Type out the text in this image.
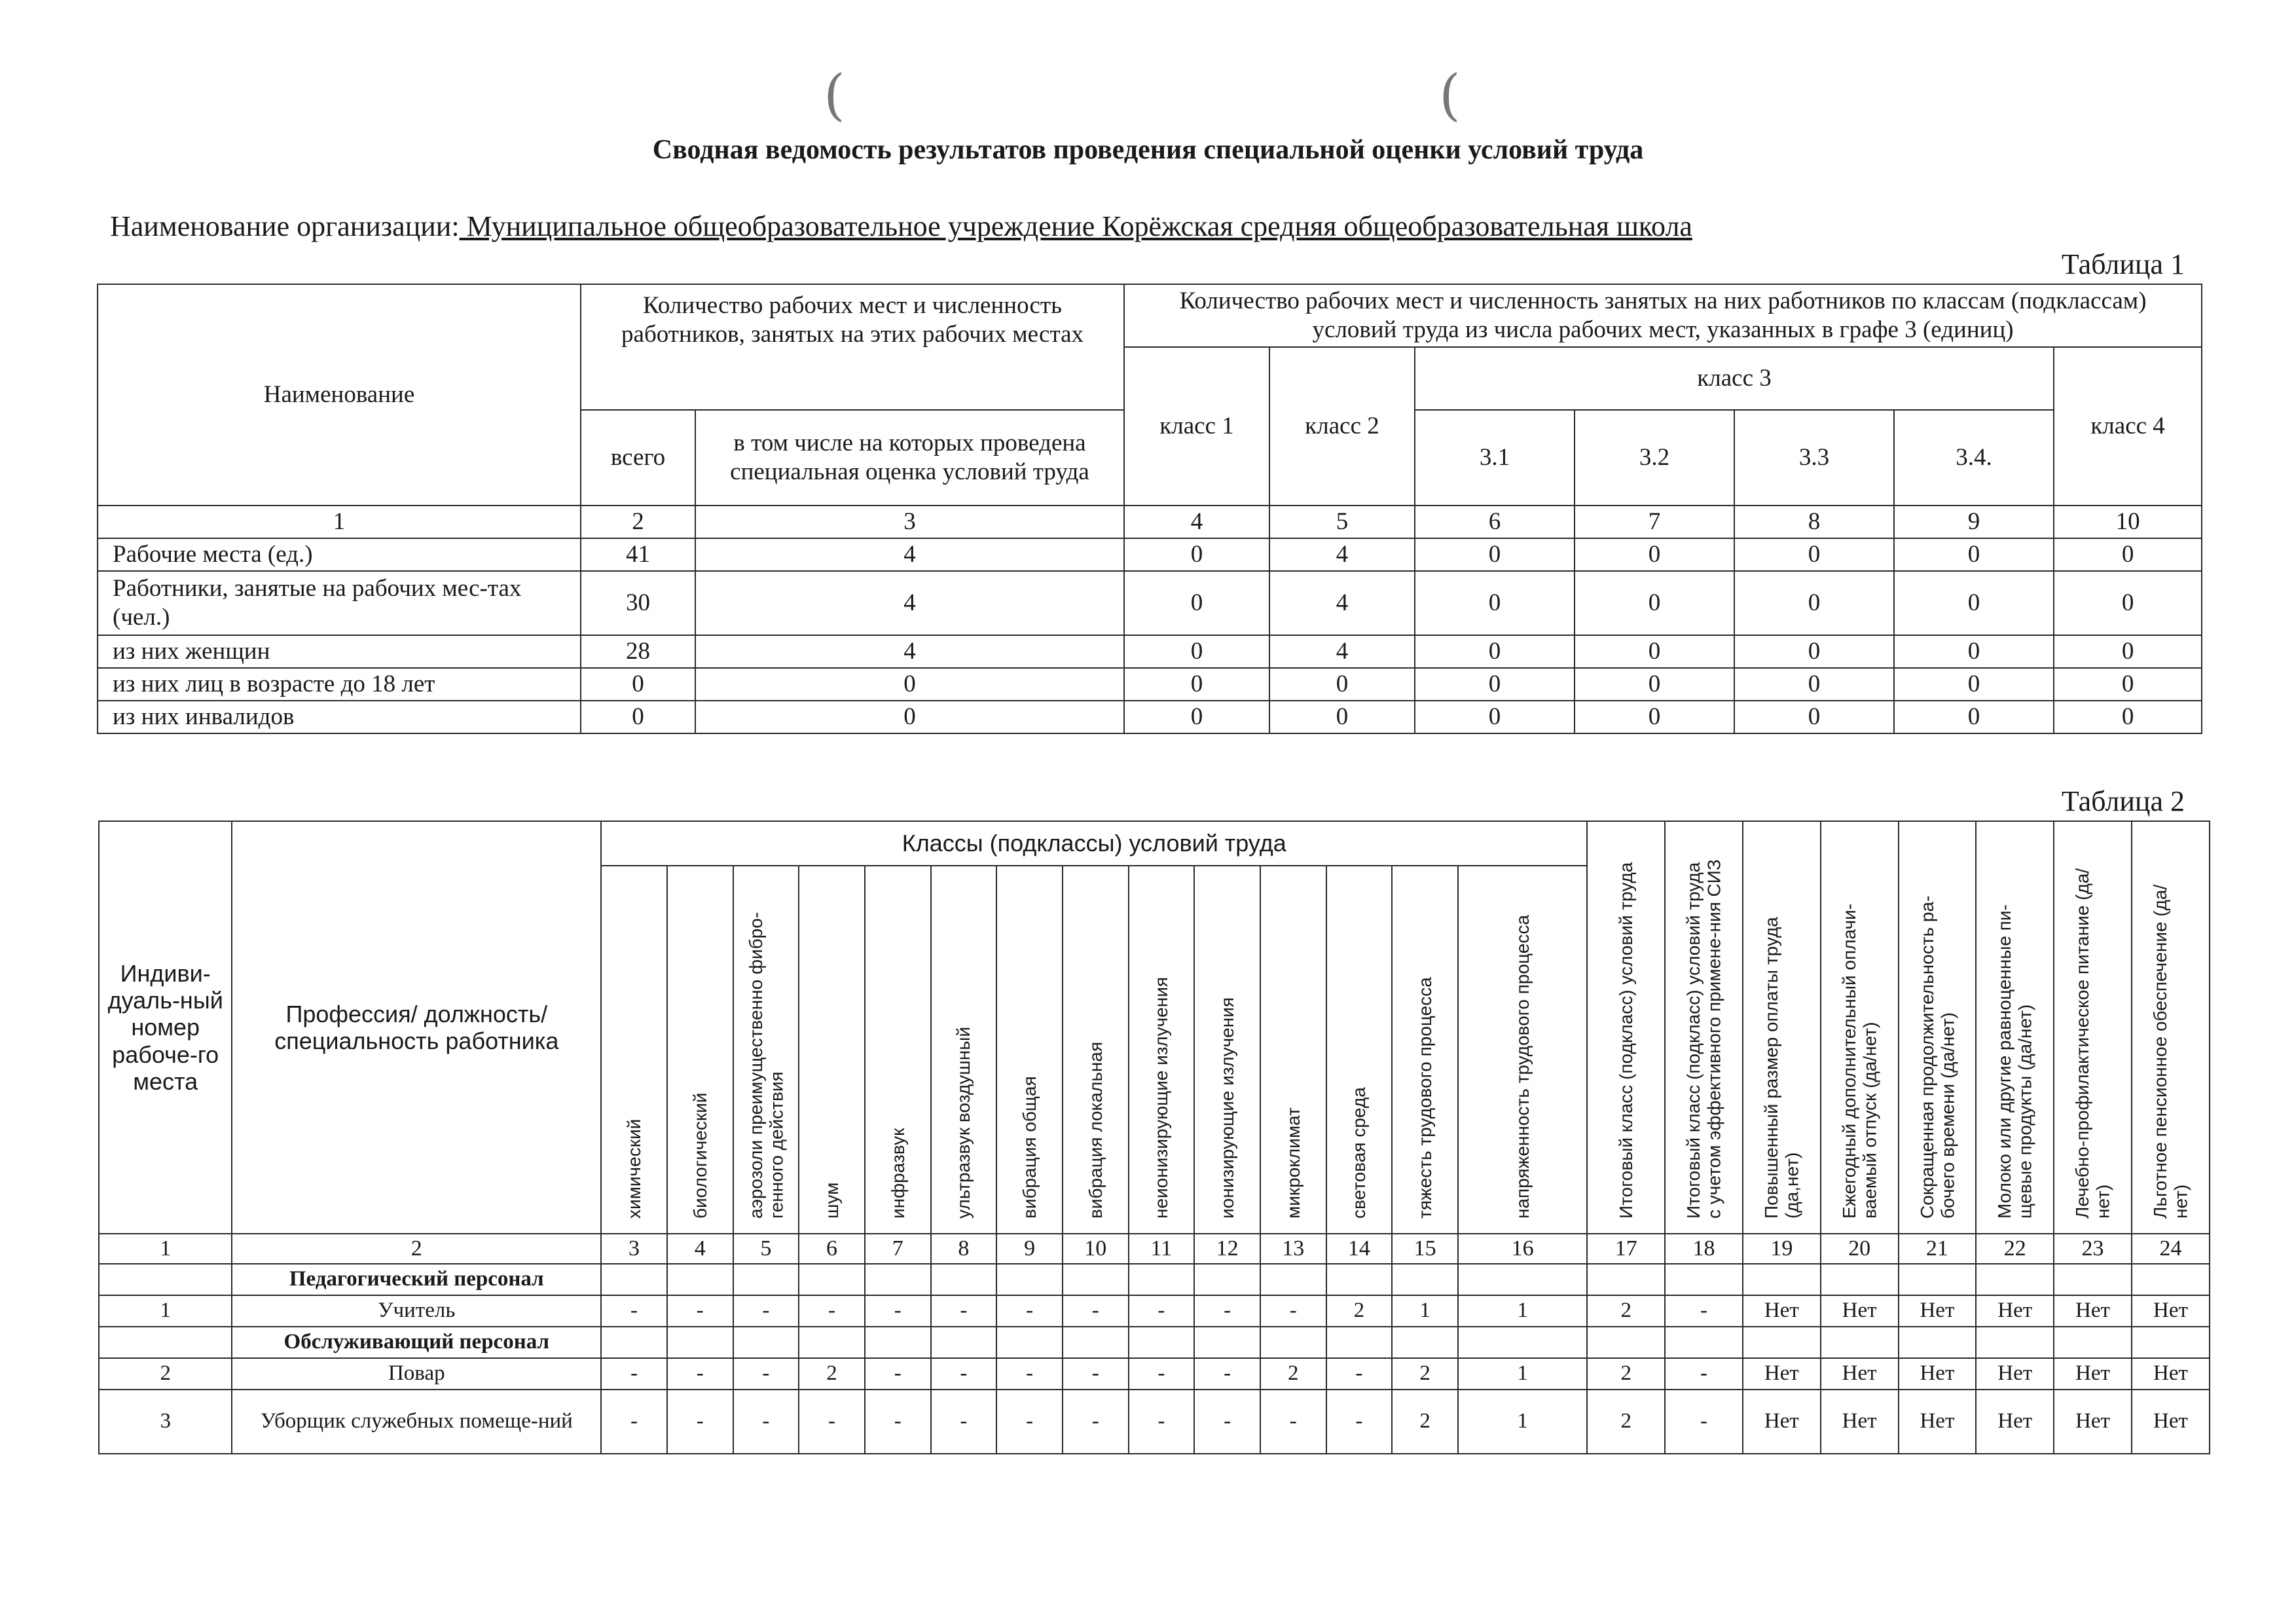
(	(
Сводная ведомость результатов проведения специальной оценки условий труда
Наименование организации: Муниципальное общеобразовательное учреждение Корёжская средняя общеобразовательная школа
Таблица 1
Наименование	Количество рабочих мест и численность работников, занятых на этих рабочих местах		Количество рабочих мест и численность занятых на них работников по классам (подклассам) условий труда из числа рабочих мест, указанных в графе 3 (единиц)						
			класс 1	класс 2	класс 3				класс 4
	всего	в том числе на которых проведена специальная оценка условий труда			3.1	3.2	3.3	3.4.	
1	2	3	4	5	6	7	8	9	10
Рабочие места (ед.)	41	4	0	4	0	0	0	0	0
Работники, занятые на рабочих мес-тах (чел.)	30	4	0	4	0	0	0	0	0
из них женщин	28	4	0	4	0	0	0	0	0
из них лиц в возрасте до 18 лет	0	0	0	0	0	0	0	0	0
из них инвалидов	0	0	0	0	0	0	0	0	0
Таблица 2
Индиви-дуаль-ный номер рабоче-го места	Профессия/ должность/ специальность работника	Классы (подклассы) условий труда														Итоговый класс (подкласс) условий труда	Итоговый класс (подкласс) условий труда с учетом эффективного примене-ния СИЗ	Повышенный размер оплаты труда (да,нет)	Ежегодный дополнительный оплачи-ваемый отпуск (да/нет)	Сокращенная продолжительность ра-бочего времени (да/нет)	Молоко или другие равноценные пи-щевые продукты (да/нет)	Лечебно-профилактическое питание (да/нет)	Льготное пенсионное обеспечение (да/нет)
		химический	биологический	аэрозоли преимущественно фибро-генного действия	шум	инфразвук	ультразвук воздушный	вибрация общая	вибрация локальная	неионизирующие излучения	ионизирующие излучения	микроклимат	световая среда	тяжесть трудового процесса	напряженность трудового процесса								
1	2	3	4	5	6	7	8	9	10	11	12	13	14	15	16	17	18	19	20	21	22	23	24
	Педагогический персонал																						
1	Учитель	-	-	-	-	-	-	-	-	-	-	-	2	1	1	2	-	Нет	Нет	Нет	Нет	Нет	Нет
	Обслуживающий персонал																						
2	Повар	-	-	-	2	-	-	-	-	-	-	2	-	2	1	2	-	Нет	Нет	Нет	Нет	Нет	Нет
3	Уборщик служебных помеще-ний	-	-	-	-	-	-	-	-	-	-	-	-	2	1	2	-	Нет	Нет	Нет	Нет	Нет	Нет
